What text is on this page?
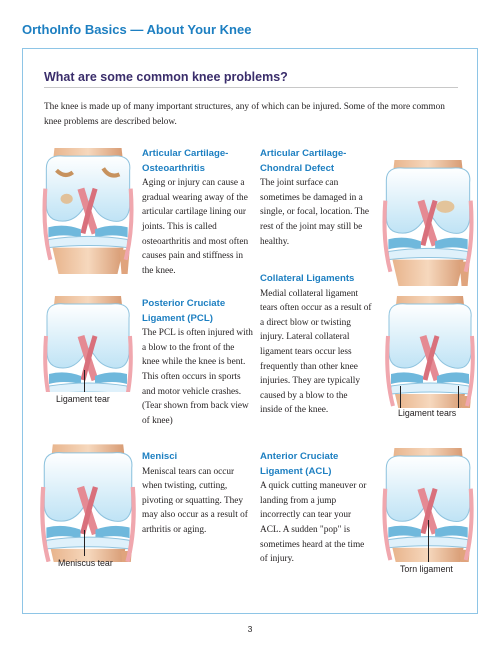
OrthoInfo Basics — About Your Knee
What are some common knee problems?
The knee is made up of many important structures, any of which can be injured. Some of the more common knee problems are described below.
Articular Cartilage-Osteoarthritis

Aging or injury can cause a gradual wearing away of the articular cartilage lining our joints. This is called osteoarthritis and most often causes pain and stiffness in the knee.

Articular Cartilage-Chondral Defect

The joint surface can sometimes be damaged in a single, or focal, location. The rest of the joint may still be healthy.

Ligament tear
Posterior Cruciate Ligament (PCL)

The PCL is often injured with a blow to the front of the knee while the knee is bent. This often occurs in sports and motor vehicle crashes. (Tear shown from back view of knee)

Collateral Ligaments

Medial collateral ligament tears often occur as a result of a direct blow or twisting injury. Lateral collateral ligament tears occur less frequently than other knee injuries. They are typically caused by a blow to the inside of the knee.	Ligament tears
Meniscus tear
Menisci

Meniscal tears can occur when twisting, cutting, pivoting or squatting. They may also occur as a result of arthritis or aging.

Anterior Cruciate Ligament (ACL)

A quick cutting maneuver or landing from a jump incorrectly can tear your ACL. A sudden "pop" is sometimes heard at the time of injury.

Torn ligament
3
